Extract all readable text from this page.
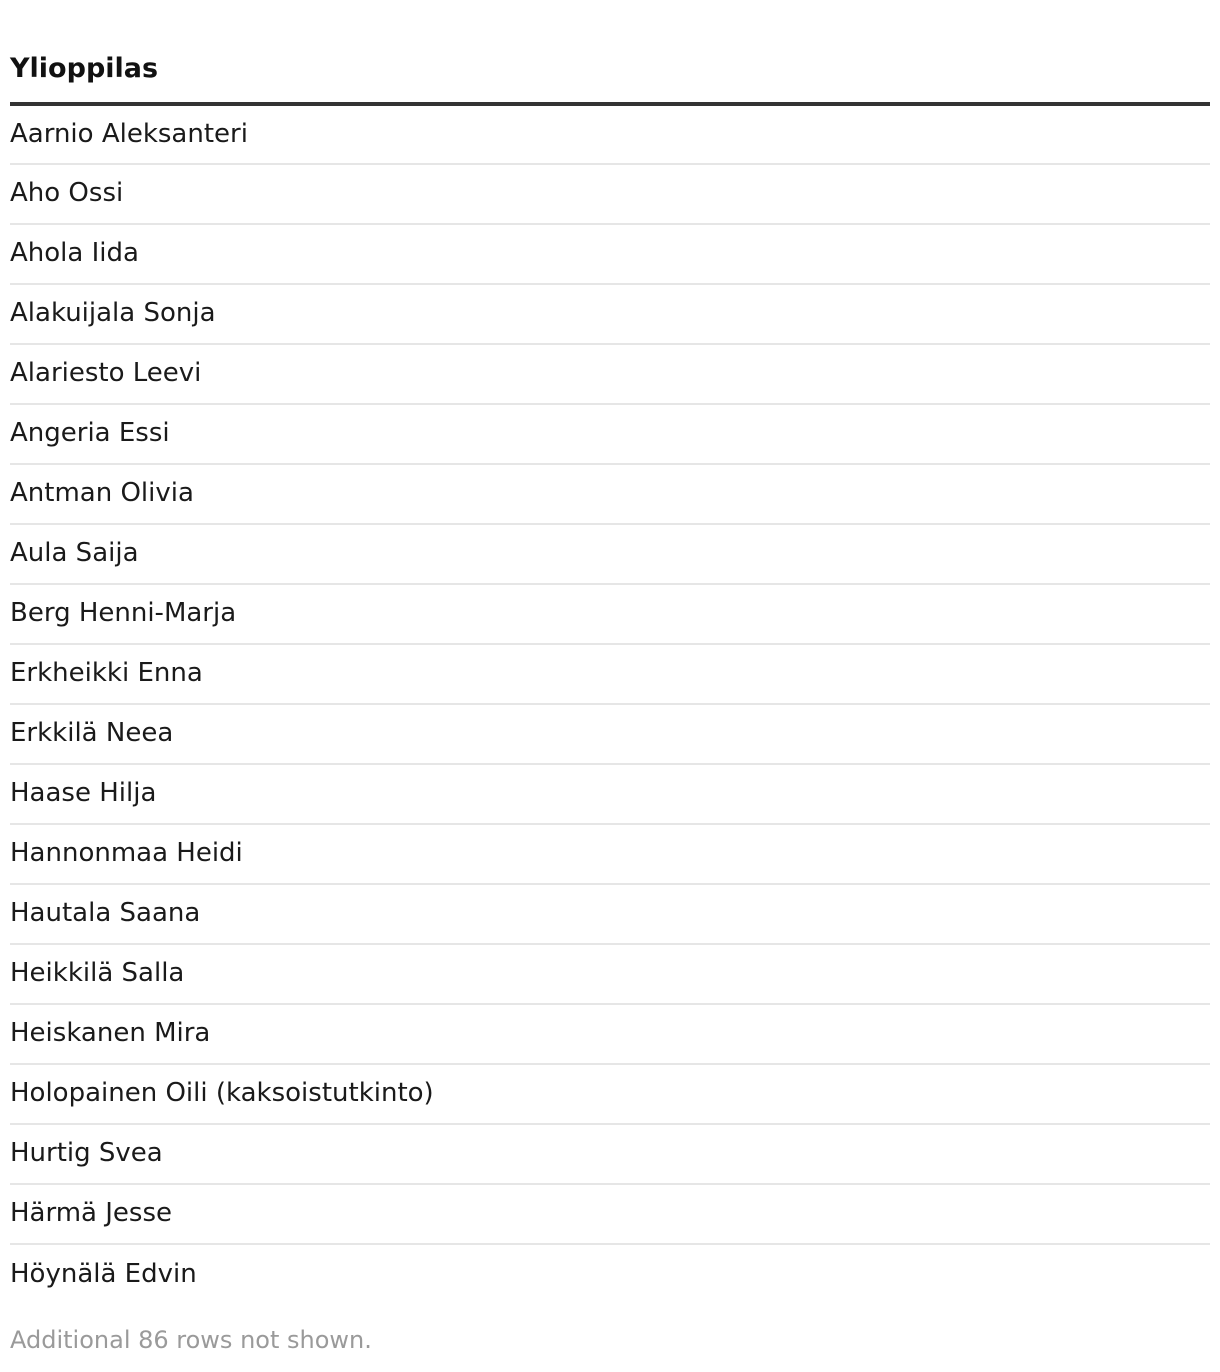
Ylioppilas
Aarnio Aleksanteri
Aho Ossi
Ahola Iida
Alakuijala Sonja
Alariesto Leevi
Angeria Essi
Antman Olivia
Aula Saija
Berg Henni-Marja
Erkheikki Enna
Erkkilä Neea
Haase Hilja
Hannonmaa Heidi
Hautala Saana
Heikkilä Salla
Heiskanen Mira
Holopainen Oili (kaksoistutkinto)
Hurtig Svea
Härmä Jesse
Höynälä Edvin
Additional 86 rows not shown.
